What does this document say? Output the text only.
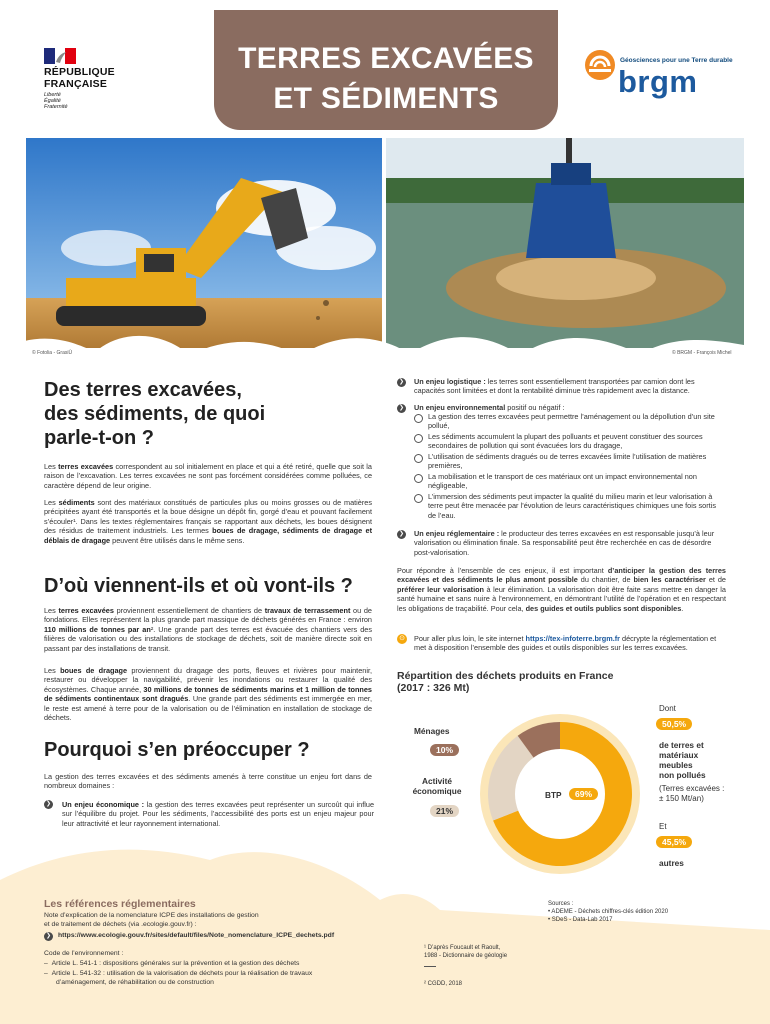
RÉPUBLIQUE
FRANÇAISE
Liberté
Égalité
Fraternité
TERRES EXCAVÉES
ET SÉDIMENTS
Géosciences pour une Terre durable
brgm
© Fotolia - GrasiŪ	© BRGM - François Michel
Des terres excavées,
des sédiments, de quoi
parle-t-on ?
Les terres excavées correspondent au sol initialement en place et qui a été retiré, quelle que soit la raison de l’excavation. Les terres excavées ne sont pas forcément considérées comme polluées, ce caractère dépend de leur origine.
Les sédiments sont des matériaux constitués de particules plus ou moins grosses ou de matières précipitées ayant été transportés et la boue désigne un dépôt fin, gorgé d’eau et pouvant facilement s’écouler¹. Dans les textes réglementaires français se rapportant aux déchets, les boues désignent des résidus de traitement industriels. Les termes boues de dragage, sédiments de dragage et déblais de dragage peuvent être utilisés dans le même sens.
D’où viennent-ils et où vont-ils ?
Les terres excavées proviennent essentiellement de chantiers de travaux de terrassement ou de fondations. Elles représentent la plus grande part massique de déchets générés en France : environ 110 millions de tonnes par an². Une grande part des terres est évacuée des chantiers vers des filières de valorisation ou des installations de stockage de déchets, soit de manière directe soit en passant par des installations de transit.
Les boues de dragage proviennent du dragage des ports, fleuves et rivières pour maintenir, restaurer ou développer la navigabilité, prévenir les inondations ou restaurer la qualité des écosystèmes. Chaque année, 30 millions de tonnes de sédiments marins et 1 million de tonnes de sédiments continentaux sont dragués. Une grande part des sédiments est immergée en mer, le reste est amené à terre pour de la valorisation ou de l’élimination en installation de stockage de déchets.
Pourquoi s’en préoccuper ?
La gestion des terres excavées et des sédiments amenés à terre constitue un enjeu fort dans de nombreux domaines :
❯ Un enjeu économique : la gestion des terres excavées peut représenter un surcoût qui influe sur l’équilibre du projet. Pour les sédiments, l’accessibilité des ports est un enjeu majeur pour leur attractivité et leur rayonnement international.
❯ Un enjeu logistique : les terres sont essentiellement transportées par camion dont les capacités sont limitées et dont la rentabilité diminue très rapidement avec la distance.
❯ Un enjeu environnemental positif ou négatif :
La gestion des terres excavées peut permettre l’aménagement ou la dépollution d’un site pollué,
Les sédiments accumulent la plupart des polluants et peuvent constituer des sources secondaires de pollution qui sont évacuées lors du dragage,
L’utilisation de sédiments dragués ou de terres excavées limite l’utilisation de matières premières,
La mobilisation et le transport de ces matériaux ont un impact environnemental non négligeable,
L’immersion des sédiments peut impacter la qualité du milieu marin et leur valorisation à terre peut être menacée par l’évolution de leurs caractéristiques chimiques une fois sortis de l’eau.
❯ Un enjeu réglementaire : le producteur des terres excavées en est responsable jusqu’à leur valorisation ou élimination finale. Sa responsabilité peut être recherchée en cas de désordre post-valorisation.
Pour répondre à l’ensemble de ces enjeux, il est important d’anticiper la gestion des terres excavées et des sédiments le plus amont possible du chantier, de bien les caractériser et de préférer leur valorisation à leur élimination. La valorisation doit être faite sans mettre en danger la santé humaine et sans nuire à l’environnement, en démontrant l’utilité de l’opération et en respectant les obligations de traçabilité. Pour cela, des guides et outils publics sont disponibles.
⊙ Pour aller plus loin, le site internet https://tex-infoterre.brgm.fr décrypte la réglementation et met à disposition l’ensemble des guides et outils disponibles sur les terres excavées.
Répartition des déchets produits en France
(2017 : 326 Mt)
Ménages
10%
Activité
économique
21%
BTP	69%
Dont
50,5%
de terres et
matériaux
meubles
non pollués
(Terres excavées :
± 150 Mt/an)
Et
45,5%
autres
Les références réglementaires
Note d’explication de la nomenclature ICPE des installations de gestion
et de traitement de déchets (via .ecologie.gouv.fr) :
❯ https://www.ecologie.gouv.fr/sites/default/files/Note_nomenclature_ICPE_dechets.pdf
Code de l’environnement :
–  Article L. 541-1 : dispositions générales sur la prévention et la gestion des déchets
–  Article L. 541-32 : utilisation de la valorisation de déchets pour la réalisation de travaux
d’aménagement, de réhabilitation ou de construction
¹ D’après Foucault et Raoult,
1988 - Dictionnaire de géologie
² CGDD, 2018
Sources :
• ADEME - Déchets chiffres-clés édition 2020
• SDeS - Data-Lab 2017
